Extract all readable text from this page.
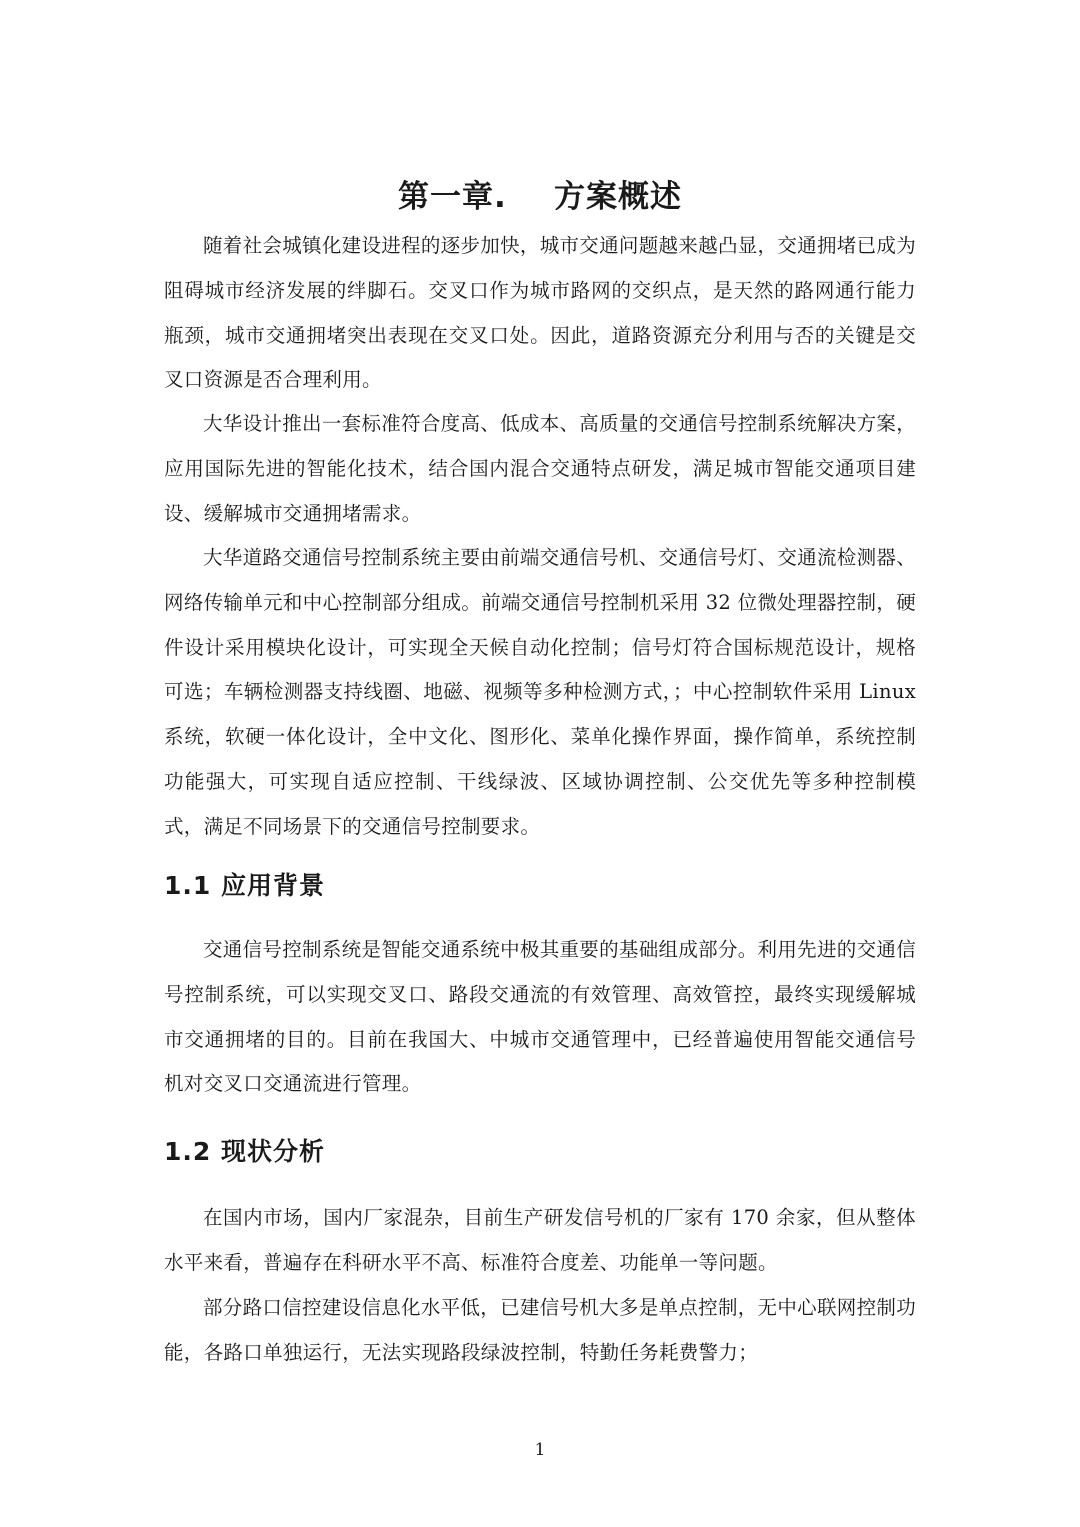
第一章.    方案概述

随着社会城镇化建设进程的逐步加快，城市交通问题越来越凸显，交通拥堵已成为阻碍城市经济发展的绊脚石。交叉口作为城市路网的交织点，是天然的路网通行能力瓶颈，城市交通拥堵突出表现在交叉口处。因此，道路资源充分利用与否的关键是交叉口资源是否合理利用。

大华设计推出一套标准符合度高、低成本、高质量的交通信号控制系统解决方案，应用国际先进的智能化技术，结合国内混合交通特点研发，满足城市智能交通项目建设、缓解城市交通拥堵需求。

大华道路交通信号控制系统主要由前端交通信号机、交通信号灯、交通流检测器、网络传输单元和中心控制部分组成。前端交通信号控制机采用 32 位微处理器控制，硬件设计采用模块化设计，可实现全天候自动化控制；信号灯符合国标规范设计，规格可选；车辆检测器支持线圈、地磁、视频等多种检测方式，；中心控制软件采用 Linux 系统，软硬一体化设计，全中文化、图形化、菜单化操作界面，操作简单，系统控制功能强大，可实现自适应控制、干线绿波、区域协调控制、公交优先等多种控制模式，满足不同场景下的交通信号控制要求。

1.1 应用背景

交通信号控制系统是智能交通系统中极其重要的基础组成部分。利用先进的交通信号控制系统，可以实现交叉口、路段交通流的有效管理、高效管控，最终实现缓解城市交通拥堵的目的。目前在我国大、中城市交通管理中，已经普遍使用智能交通信号机对交叉口交通流进行管理。

1.2 现状分析

在国内市场，国内厂家混杂，目前生产研发信号机的厂家有 170 余家，但从整体水平来看，普遍存在科研水平不高、标准符合度差、功能单一等问题。

部分路口信控建设信息化水平低，已建信号机大多是单点控制，无中心联网控制功能，各路口单独运行，无法实现路段绿波控制，特勤任务耗费警力；

1
